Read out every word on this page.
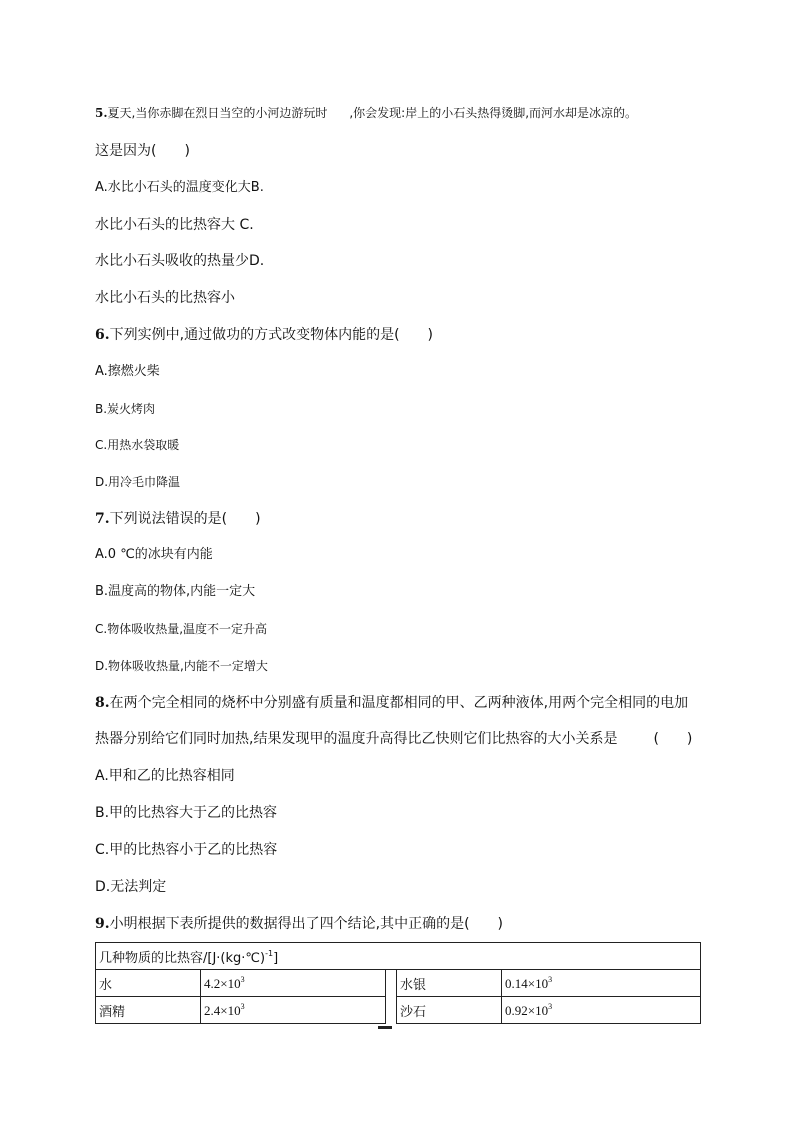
5.夏天,当你赤脚在烈日当空的小河边游玩时 ,你会发现:岸上的小石头热得烫脚,而河水却是冰凉的。
这是因为(　　)
A.水比小石头的温度变化大B.
水比小石头的比热容大 C.
水比小石头吸收的热量少D.
水比小石头的比热容小
6.下列实例中,通过做功的方式改变物体内能的是(　　)
A.擦燃火柴
B.炭火烤肉
C.用热水袋取暖
D.用冷毛巾降温
7.下列说法错误的是(　　)
A.0 ℃的冰块有内能
B.温度高的物体,内能一定大
C.物体吸收热量,温度不一定升高
D.物体吸收热量,内能不一定增大
8.在两个完全相同的烧杯中分别盛有质量和温度都相同的甲、乙两种液体,用两个完全相同的电加
热器分别给它们同时加热,结果发现甲的温度升高得比乙快则它们比热容的大小关系是	(　　)
A.甲和乙的比热容相同
B.甲的比热容大于乙的比热容
C.甲的比热容小于乙的比热容
D.无法判定
9.小明根据下表所提供的数据得出了四个结论,其中正确的是(　　)
几种物质的比热容/[J·(kg·℃)$^{-1}$]				
水	$4.2\times 10^3$		水银	$0.14\times 10^3$
酒精	$2.4\times 10^3$		沙石	$0.92\times 10^3$
